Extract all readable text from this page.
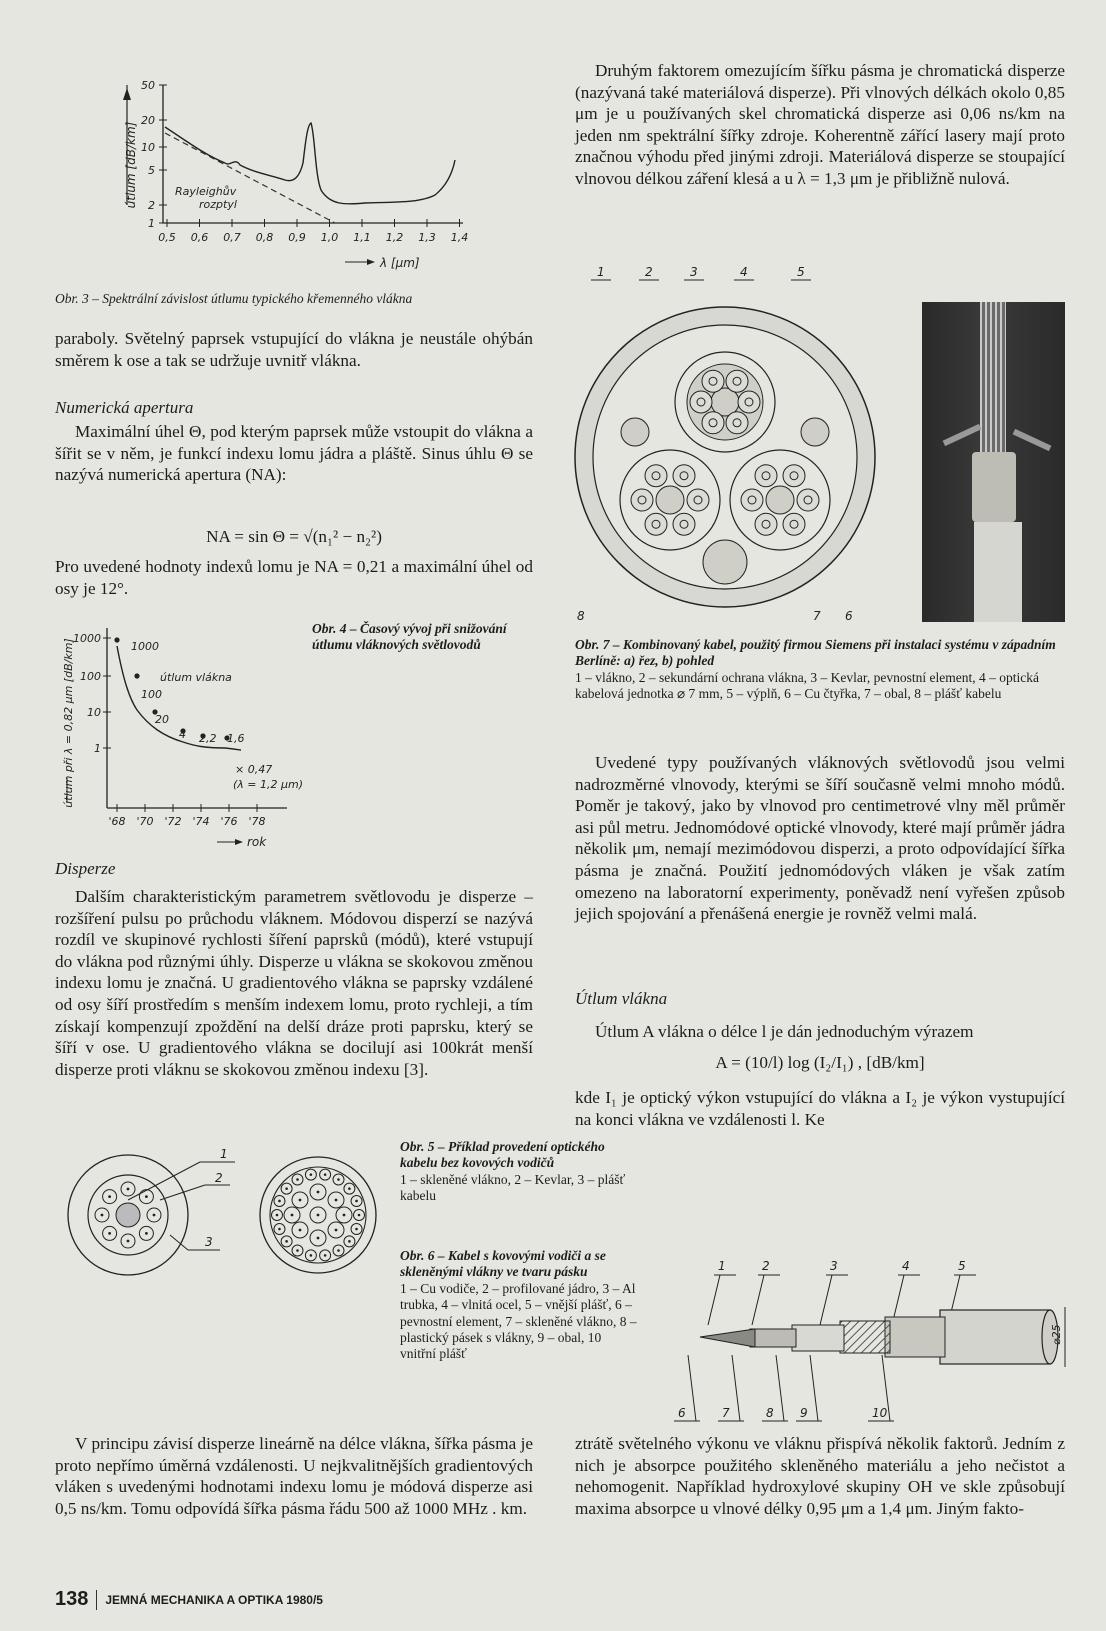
útlum [dB/km]
50
20
10
5
2
1
0,5 0,6 0,7 0,8 0,9 1,0 1,1 1,2 1,3 1,4
Rayleighův
rozptyl
λ [μm]
Obr. 3 – Spektrální závislost útlumu typického křemenného vlákna

paraboly. Světelný paprsek vstupující do vlákna je neustále ohýbán směrem k ose a tak se udržuje uvnitř vlákna.

Numerická apertura
Maximální úhel Θ, pod kterým paprsek může vstoupit do vlákna a šířit se v něm, je funkcí indexu lomu jádra a pláště. Sinus úhlu Θ se nazývá numerická apertura (NA):
NA = sin Θ = √(n₁² − n₂²)
Pro uvedené hodnoty indexů lomu je NA = 0,21 a maximální úhel od osy je 12°.
útlum při λ = 0,82 μm [dB/km]
1000
100
10
1
'68 '70 '72 '74 '76 '78
1000
útlum vlákna
100
20
4 2,2 1,6
× 0,47
(λ = 1,2 μm)
rok
Obr. 4 – Časový vývoj při snižování útlumu vláknových světlovodů
Disperze
Dalším charakteristickým parametrem světlovodu je disperze – rozšíření pulsu po průchodu vláknem. Módovou disperzí se nazývá rozdíl ve skupinové rychlosti šíření paprsků (módů), které vstupují do vlákna pod různými úhly. Disperze u vlákna se skokovou změnou indexu lomu je značná. U gradientového vlákna se paprsky vzdálené od osy šíří prostředím s menším indexem lomu, proto rychleji, a tím získají kompenzují zpoždění na delší dráze proti paprsku, který se šíří v ose. U gradientového vlákna se docilují asi 100krát menší disperze proti vláknu se skokovou změnou indexu [3].
1
2
3
Obr. 5 – Příklad provedení optického kabelu bez kovových vodičů
1 – skleněné vlákno, 2 – Kevlar, 3 – plášť kabelu
Obr. 6 – Kabel s kovovými vodiči a se skleněnými vlákny ve tvaru pásku
1 – Cu vodiče, 2 – profilované jádro, 3 – Al trubka, 4 – vlnitá ocel, 5 – vnější plášť, 6 – pevnostní element, 7 – skleněné vlákno, 8 – plastický pásek s vlákny, 9 – obal, 10 vnitřní plášť
V principu závisí disperze lineárně na délce vlákna, šířka pásma je proto nepřímo úměrná vzdálenosti. U nejkvalitnějších gradientových vláken s uvedenými hodnotami indexu lomu je módová disperze asi 0,5 ns/km. Tomu odpovídá šířka pásma řádu 500 až 1000 MHz . km.
Druhým faktorem omezujícím šířku pásma je chromatická disperze (nazývaná také materiálová disperze). Při vlnových délkách okolo 0,85 μm je u používaných skel chromatická disperze asi 0,06 ns/km na jeden nm spektrální šířky zdroje. Koherentně zářící lasery mají proto značnou výhodu před jinými zdroji. Materiálová disperze se stoupající vlnovou délkou záření klesá a u λ = 1,3 μm je přibližně nulová.
1	2	3	4	5
6
7
8
Obr. 7 – Kombinovaný kabel, použitý firmou Siemens při instalaci systému v západním Berlíně: a) řez, b) pohled
1 – vlákno, 2 – sekundární ochrana vlákna, 3 – Kevlar, pevnostní element, 4 – optická kabelová jednotka ⌀ 7 mm, 5 – výplň, 6 – Cu čtyřka, 7 – obal, 8 – plášť kabelu
Uvedené typy používaných vláknových světlovodů jsou velmi nadrozměrné vlnovody, kterými se šíří současně velmi mnoho módů. Poměr je takový, jako by vlnovod pro centimetrové vlny měl průměr asi půl metru. Jednomódové optické vlnovody, které mají průměr jádra několik μm, nemají mezimódovou disperzi, a proto odpovídající šířka pásma je značná. Použití jednomódových vláken je však zatím omezeno na laboratorní experimenty, poněvadž není vyřešen způsob jejich spojování a přenášená energie je rovněž velmi malá.
Útlum vlákna
Útlum A vlákna o délce l je dán jednoduchým výrazem
A = (10/l) log (I₂/I₁) , [dB/km]
kde I₁ je optický výkon vstupující do vlákna a I₂ je výkon vystupující na konci vlákna ve vzdálenosti l. Ke
1	2	3	4	5
6	7	8 9	10
⌀25
ztrátě světelného výkonu ve vláknu přispívá několik faktorů. Jedním z nich je absorpce použitého skleněného materiálu a jeho nečistot a nehomogenit. Například hydroxylové skupiny OH ve skle způsobují maxima absorpce u vlnové délky 0,95 μm a 1,4 μm. Jiným fakto-
138 JEMNÁ MECHANIKA A OPTIKA 1980/5
